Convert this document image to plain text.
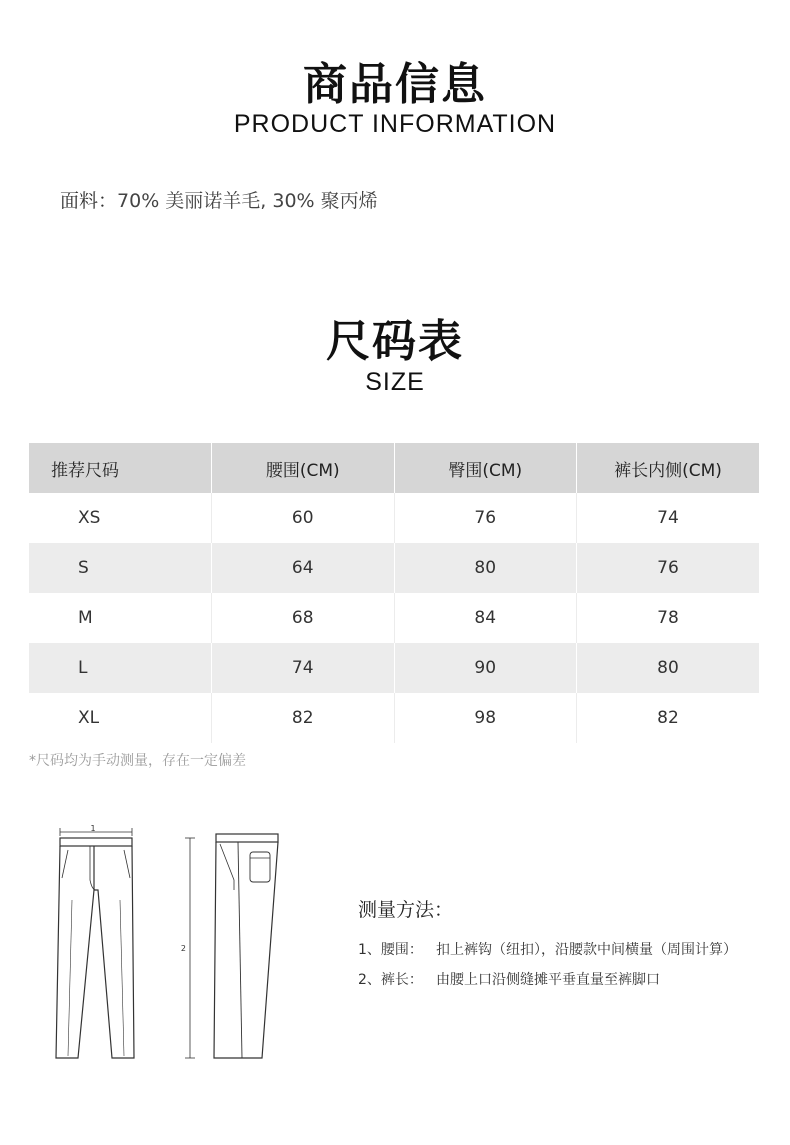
商品信息
PRODUCT INFORMATION
面料：70% 美丽诺羊毛, 30% 聚丙烯
尺码表
SIZE
推荐尺码	腰围(CM)	臀围(CM)	裤长内侧(CM)
XS	60	76	74
S	64	80	76
M	68	84	78
L	74	90	80
XL	82	98	82
*尺码均为手动测量，存在一定偏差
1
2
测量方法：
1、腰围： 扣上裤钩（纽扣），沿腰款中间横量（周围计算）
2、裤长： 由腰上口沿侧缝摊平垂直量至裤脚口
